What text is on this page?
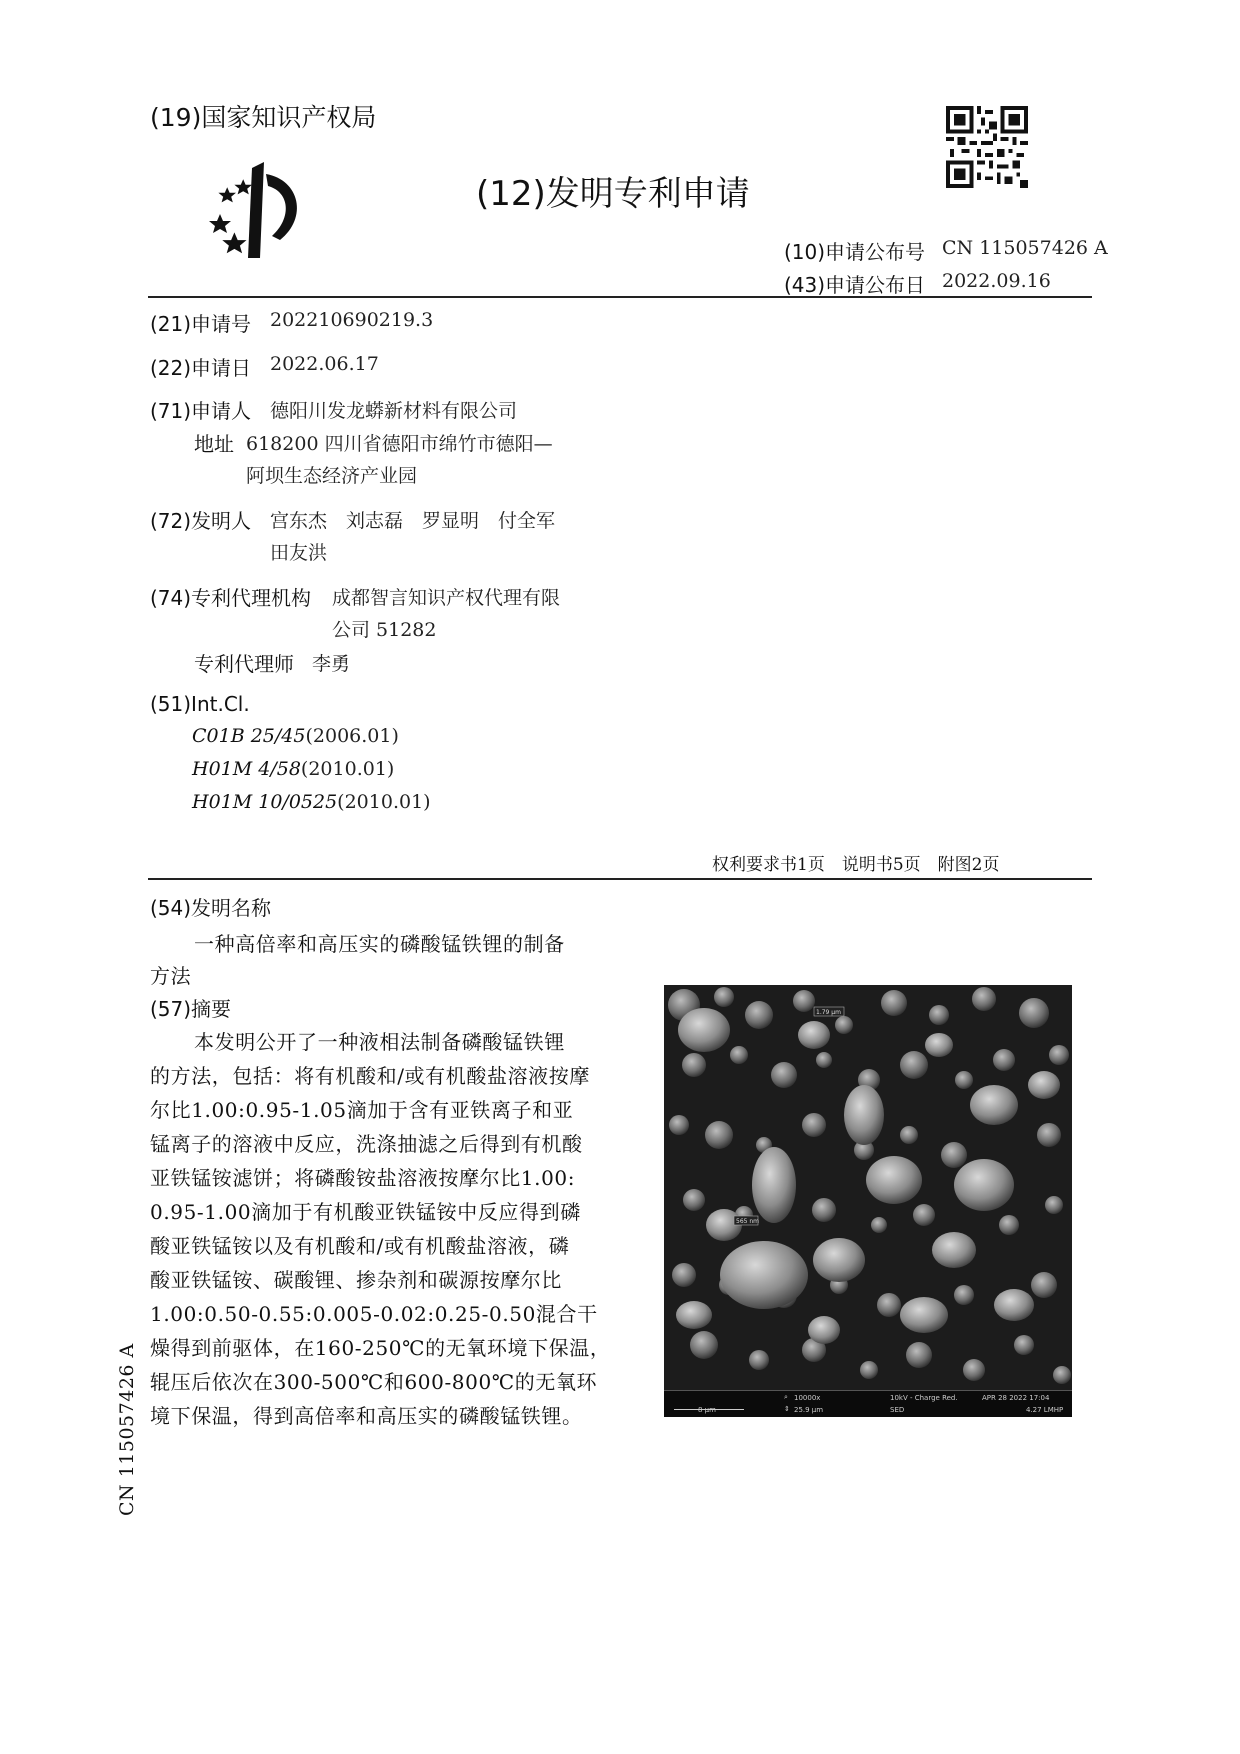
(19)国家知识产权局
(12)发明专利申请
(10)申请公布号 CN 115057426 A
(43)申请公布日 2022.09.16
(21)申请号 202210690219.3
(22)申请日 2022.06.17
(71)申请人 德阳川发龙蟒新材料有限公司
地址 618200 四川省德阳市绵竹市德阳—
阿坝生态经济产业园
(72)发明人 宫东杰　刘志磊　罗显明　付全军
田友洪
(74)专利代理机构 成都智言知识产权代理有限
公司 51282
专利代理师 李勇
(51)Int.Cl.
C01B 25/45(2006.01)
H01M 4/58(2010.01)
H01M 10/0525(2010.01)
权利要求书1页　说明书5页　附图2页
(54)发明名称
一种高倍率和高压实的磷酸锰铁锂的制备
方法
(57)摘要
本发明公开了一种液相法制备磷酸锰铁锂
的方法，包括：将有机酸和/或有机酸盐溶液按摩
尔比1.00:0.95-1.05滴加于含有亚铁离子和亚
锰离子的溶液中反应，洗涤抽滤之后得到有机酸
亚铁锰铵滤饼；将磷酸铵盐溶液按摩尔比1.00:
0.95-1.00滴加于有机酸亚铁锰铵中反应得到磷
酸亚铁锰铵以及有机酸和/或有机酸盐溶液，磷
酸亚铁锰铵、碳酸锂、掺杂剂和碳源按摩尔比
1.00:0.50-0.55:0.005-0.02:0.25-0.50混合干
燥得到前驱体，在160-250℃的无氧环境下保温，
辊压后依次在300-500℃和600-800℃的无氧环
境下保温，得到高倍率和高压实的磷酸锰铁锂。
1.79 µm
565 nm
⌕ 10000x	10kV - Charge Red.	APR 28 2022 17:04
8 µm	⇕ 25.9 µm	SED	4.27 LMHP
CN 115057426 A
